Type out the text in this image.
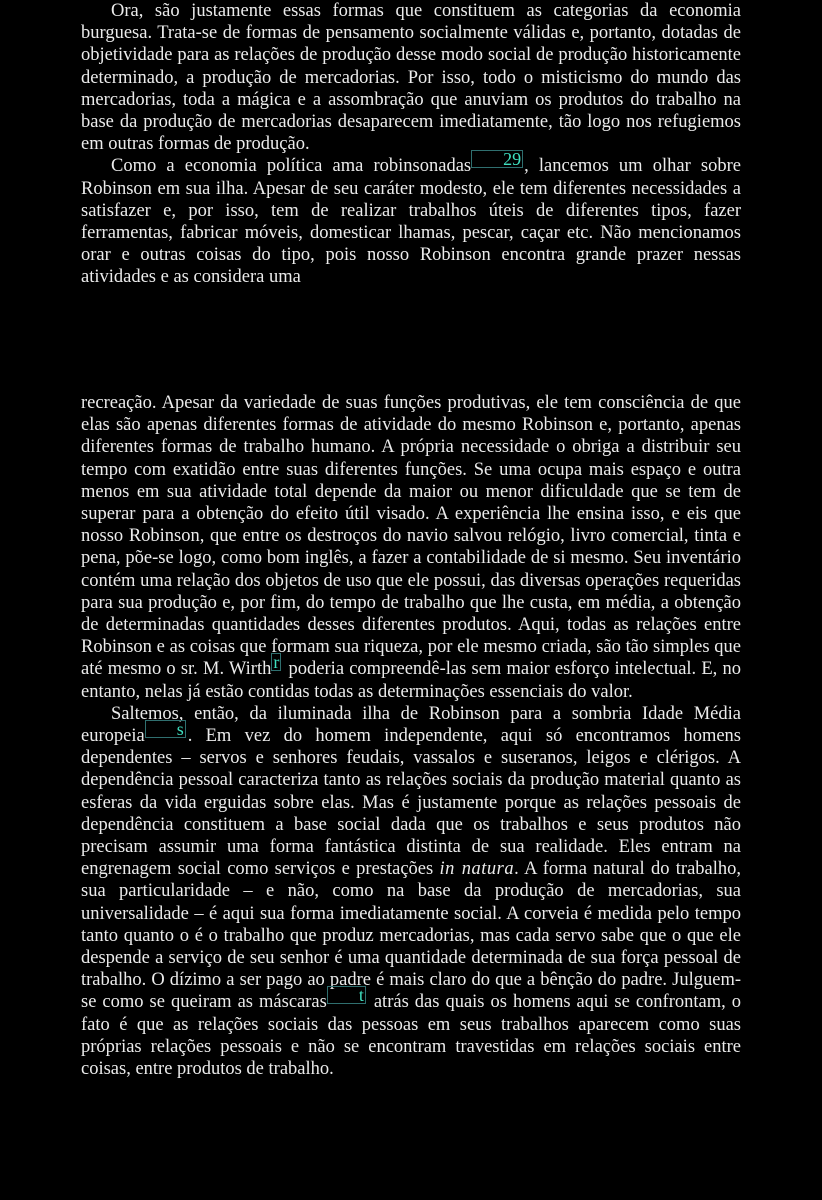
Ora, são justamente essas formas que constituem as categorias da economia burguesa. Trata-se de formas de pensamento socialmente válidas e, portanto, dotadas de objetividade para as relações de produção desse modo social de produção historicamente determinado, a produção de mercadorias. Por isso, todo o misticismo do mundo das mercadorias, toda a mágica e a assombração que anuviam os produtos do trabalho na base da produção de mercadorias desaparecem imediatamente, tão logo nos refugiemos em outras formas de produção.

Como a economia política ama robinsonadas 29 , lancemos um olhar sobre Robinson em sua ilha. Apesar de seu caráter modesto, ele tem diferentes necessidades a satisfazer e, por isso, tem de realizar trabalhos úteis de diferentes tipos, fazer ferramentas, fabricar móveis, domesticar lhamas, pescar, caçar etc. Não mencionamos orar e outras coisas do tipo, pois nosso Robinson encontra grande prazer nessas atividades e as considera uma

recreação. Apesar da variedade de suas funções produtivas, ele tem consciência de que elas são apenas diferentes formas de atividade do mesmo Robinson e, portanto, apenas diferentes formas de trabalho humano. A própria necessidade o obriga a distribuir seu tempo com exatidão entre suas diferentes funções. Se uma ocupa mais espaço e outra menos em sua atividade total depende da maior ou menor dificuldade que se tem de superar para a obtenção do efeito útil visado. A experiência lhe ensina isso, e eis que nosso Robinson, que entre os destroços do navio salvou relógio, livro comercial, tinta e pena, põe-se logo, como bom inglês, a fazer a contabilidade de si mesmo. Seu inventário contém uma relação dos objetos de uso que ele possui, das diversas operações requeridas para sua produção e, por fim, do tempo de trabalho que lhe custa, em média, a obtenção de determinadas quantidades desses diferentes produtos. Aqui, todas as relações entre Robinson e as coisas que formam sua riqueza, por ele mesmo criada, são tão simples que até mesmo o sr. M. Wirth r poderia compreendê-las sem maior esforço intelectual. E, no entanto, nelas já estão contidas todas as determinações essenciais do valor.

Saltemos, então, da iluminada ilha de Robinson para a sombria Idade Média europeia s . Em vez do homem independente, aqui só encontramos homens dependentes – servos e senhores feudais, vassalos e suseranos, leigos e clérigos. A dependência pessoal caracteriza tanto as relações sociais da produção material quanto as esferas da vida erguidas sobre elas. Mas é justamente porque as relações pessoais de dependência constituem a base social dada que os trabalhos e seus produtos não precisam assumir uma forma fantástica distinta de sua realidade. Eles entram na engrenagem social como serviços e prestações in natura. A forma natural do trabalho, sua particularidade – e não, como na base da produção de mercadorias, sua universalidade – é aqui sua forma imediatamente social. A corveia é medida pelo tempo tanto quanto o é o trabalho que produz mercadorias, mas cada servo sabe que o que ele despende a serviço de seu senhor é uma quantidade determinada de sua força pessoal de trabalho. O dízimo a ser pago ao padre é mais claro do que a bênção do padre. Julguem-se como se queiram as máscaras t atrás das quais os homens aqui se confrontam, o fato é que as relações sociais das pessoas em seus trabalhos aparecem como suas próprias relações pessoais e não se encontram travestidas em relações sociais entre coisas, entre produtos de trabalho.
